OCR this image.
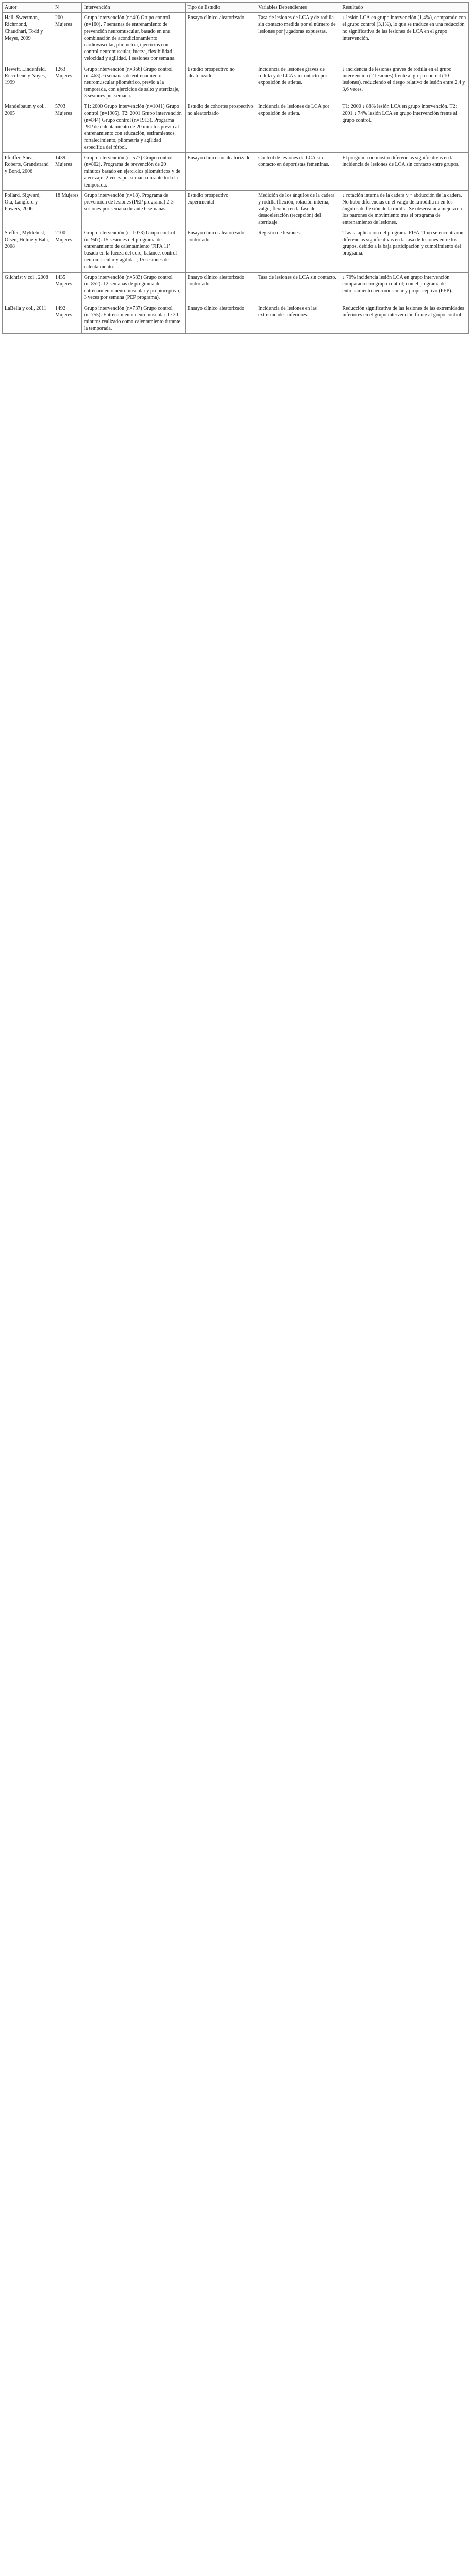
Autor	N	Intervención	Tipo de Estudio	Variables Dependientes	Resultado
Hall, Sweetman, Richmond, Chaudhari, Todd y Meyer, 2009	200 Mujeres	Grupo intervención (n=40) Grupo control (n=160). 7 semanas de entrenamiento de prevención neuromuscular, basado en una combinación de acondicionamiento cardiovascular, pliometría, ejercicios con control neuromuscular, fuerza, flexibilidad, velocidad y agilidad, 1 sesiones por semana.	Ensayo clínico aleatorizado	Tasa de lesiones de LCA y de rodilla sin contacto medida por el número de lesiones por jugadoras expuestas.	↓ lesión LCA en grupo intervención (1,4%), comparado con el grupo control (3,1%), lo que se traduce en una reducción no significativa de las lesiones de LCA en el grupo intervención.
Hewett, Lindenfeld, Riccobene y Noyes, 1999	1263 Mujeres	Grupo intervención (n=366) Grupo control (n=463). 6 semanas de entrenamiento neuromuscular pliométrico, previo a la temporada, con ejercicios de salto y aterrizaje, 3 sesiones por semana.	Estudio prospectivo no aleatorizado	Incidencia de lesiones graves de rodilla y de LCA sin contacto por exposición de atletas.	↓ incidencia de lesiones graves de rodilla en el grupo intervención (2 lesiones) frente al grupo control (10 lesiones), reduciendo el riesgo relativo de lesión entre 2,4 y 3,6 veces.
Mandelbaum y col., 2005	5703 Mujeres	T1: 2000 Grupo intervención (n=1041) Grupo control (n=1905). T2: 2001 Grupo intervención (n=844) Grupo control (n=1913). Programa PEP de calentamiento de 20 minutos previo al entrenamiento con educación, estiramientos, fortalecimiento, pliometría y agilidad específica del fútbol.	Estudio de cohortes prospectivo no aleatorizado	Incidencia de lesiones de LCA por exposición de atleta.	T1: 2000 ↓ 88% lesión LCA en grupo intervención. T2: 2001 ↓ 74% lesión LCA en grupo intervención frente al grupo control.
Pfeiffer, Shea, Roberts, Grandstrand y Bond, 2006	1439 Mujeres	Grupo intervención (n=577) Grupo control (n=862). Programa de prevención de 20 minutos basado en ejercicios pliométricos y de aterrizaje, 2 veces por semana durante toda la temporada.	Ensayo clínico no aleatorizado	Control de lesiones de LCA sin contacto en deportistas femeninas.	El programa no mostró diferencias significativas en la incidencia de lesiones de LCA sin contacto entre grupos.
Pollard, Sigward, Ota, Langford y Powers, 2006	18 Mujeres	Grupo intervención (n=18). Programa de prevención de lesiones (PEP programa) 2-3 sesiones por semana durante 6 semanas.	Estudio prospectivo experimental	Medición de los ángulos de la cadera y rodilla (flexión, rotación interna, valgo, flexión) en la fase de desaceleración (recepción) del aterrizaje.	↓ rotación interna de la cadera y ↑ abducción de la cadera. No hubo diferencias en el valgo de la rodilla ni en los ángulos de flexión de la rodilla. Se observa una mejora en los patrones de movimiento tras el programa de entrenamiento de lesiones.
Steffen, Myklebust, Olsen, Holme y Bahr, 2008	2100 Mujeres	Grupo intervención (n=1073) Grupo control (n=947). 15 sesiones del programa de entrenamiento de calentamiento 'FIFA 11' basado en la fuerza del core, balance, control neuromuscular y agilidad; 15 sesiones de calentamiento.	Ensayo clínico aleatorizado controlado	Registro de lesiones.	Tras la aplicación del programa FIFA 11 no se encontraron diferencias significativas en la tasa de lesiones entre los grupos, debido a la baja participación y cumplimiento del programa.
Gilchrist y col., 2008	1435 Mujeres	Grupo intervención (n=583) Grupo control (n=852). 12 semanas de programa de entrenamiento neuromuscular y propioceptivo, 3 veces por semana (PEP programa).	Ensayo clínico aleatorizado controlado	Tasa de lesiones de LCA sin contacto.	↓ 70% incidencia lesión LCA en grupo intervención comparado con grupo control; con el programa de entrenamiento neuromuscular y propioceptivo (PEP).
LaBella y col., 2011	1492 Mujeres	Grupo intervención (n=737) Grupo control (n=755). Entrenamiento neuromuscular de 20 minutos realizado como calentamiento durante la temporada.	Ensayo clínico aleatorizado	Incidencia de lesiones en las extremidades inferiores.	Reducción significativa de las lesiones de las extremidades inferiores en el grupo intervención frente al grupo control.
